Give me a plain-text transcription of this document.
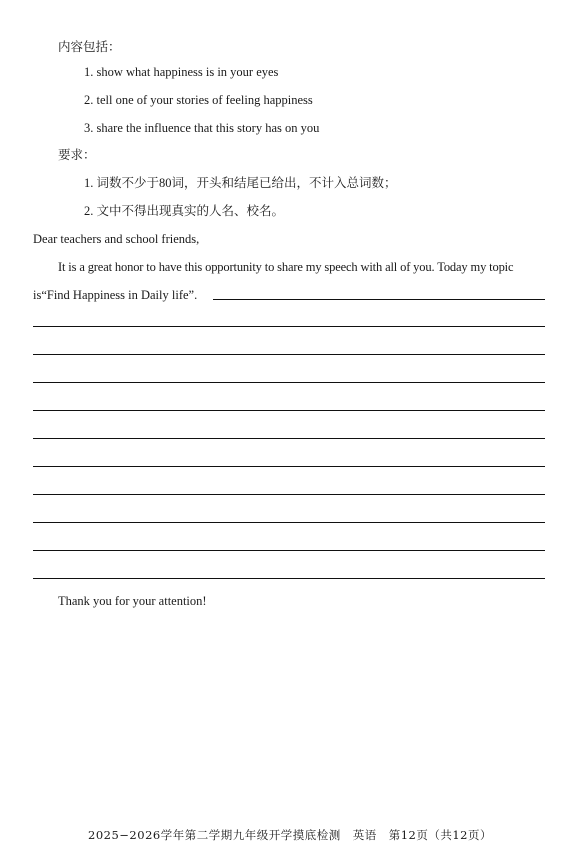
内容包括：
1. show what happiness is in your eyes
2. tell one of your stories of feeling happiness
3. share the influence that this story has on you
要求：
1. 词数不少于80词，开头和结尾已给出，不计入总词数；
2. 文中不得出现真实的人名、校名。
Dear teachers and school friends,
It is a great honor to have this opportunity to share my speech with all of you. Today my topic
is“Find Happiness in Daily life”.
Thank you for your attention!
2025−2026学年第二学期九年级开学摸底检测　英语　第12页（共12页）
